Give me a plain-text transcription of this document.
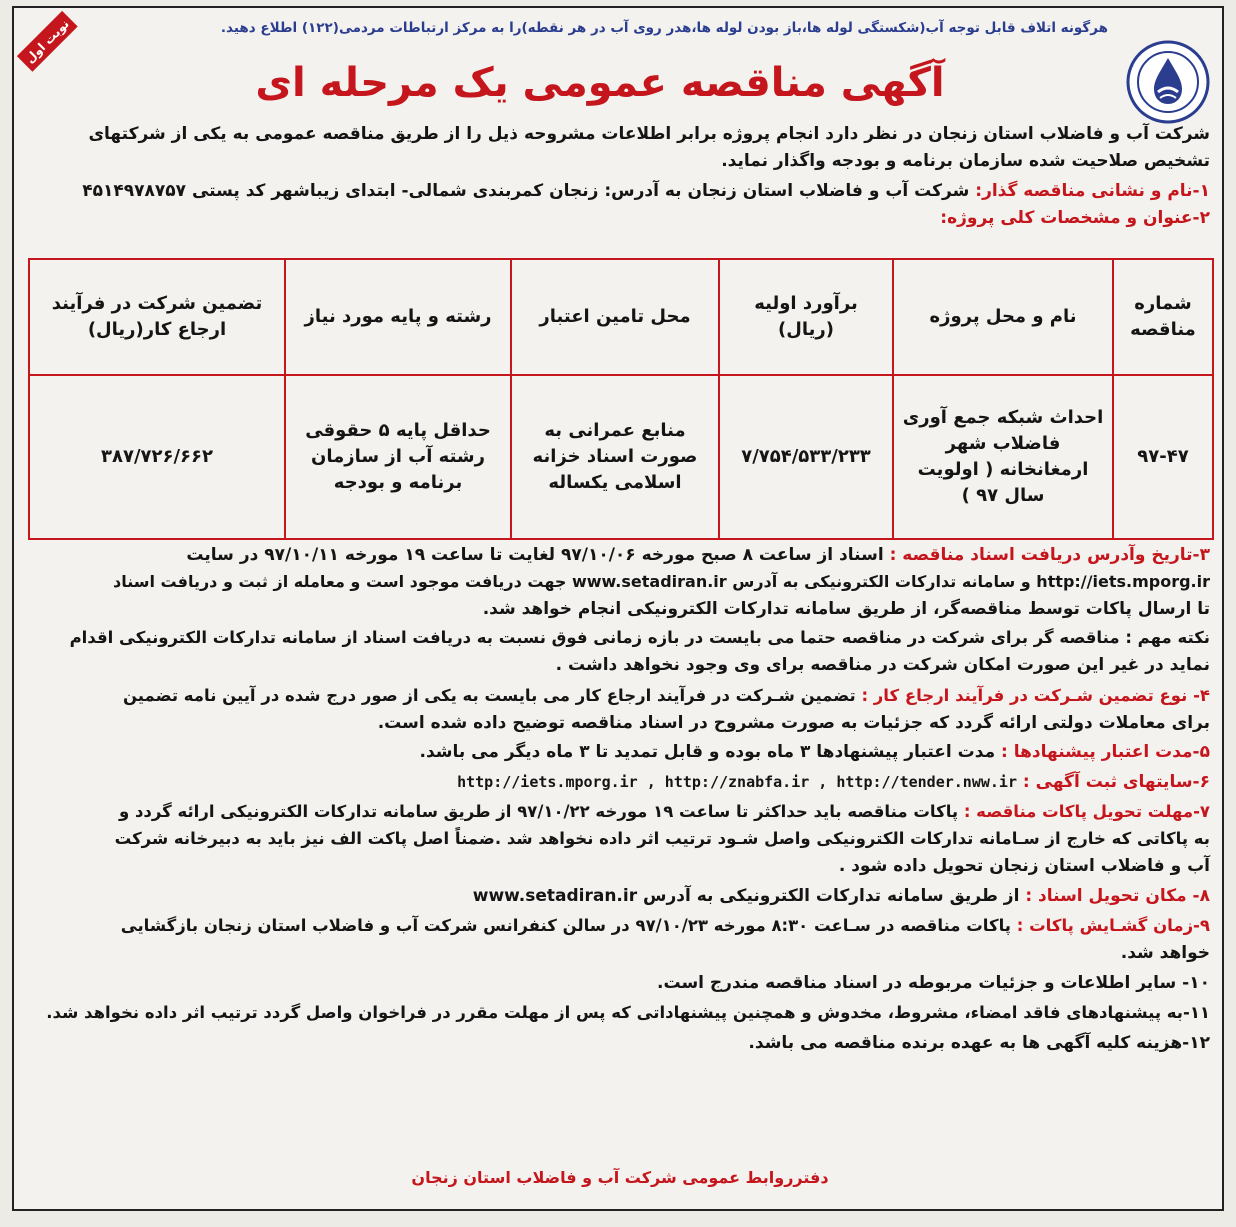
هرگونه اتلاف قابل توجه آب(شکستگی لوله ها،باز بودن لوله ها،هدر روی آب در هر نقطه)را به مرکز ارتباطات مردمی(۱۲۲) اطلاع دهید.
نوبت اول
آگهی مناقصه عمومی یک مرحله ای
شرکت آب و فاضلاب استان زنجان در نظر دارد انجام پروژه برابر اطلاعات مشروحه ذیل را از طریق مناقصه عمومی به یکی از شرکتهای
تشخیص صلاحیت شده سازمان برنامه و بودجه واگذار نماید.
۱-نام و نشانی مناقصه گذار: شرکت آب و فاضلاب استان زنجان به آدرس: زنجان کمربندی شمالی- ابتدای زیباشهر کد پستی ۴۵۱۴۹۷۸۷۵۷
۲-عنوان و مشخصات کلی پروژه:
شماره مناقصه	نام و محل پروژه	برآورد اولیه (ریال)	محل تامین اعتبار	رشته و پایه مورد نیاز	تضمین شرکت در فرآیند ارجاع کار(ریال)
۹۷-۴۷	احداث شبکه جمع آوری فاضلاب شهر ارمغانخانه ( اولویت سال ۹۷ )	۷/۷۵۴/۵۳۳/۲۳۳	منابع عمرانی به صورت اسناد خزانه اسلامی یکساله	حداقل پایه ۵ حقوقی رشته آب از سازمان برنامه و بودجه	۳۸۷/۷۲۶/۶۶۲
۳-تاریخ وآدرس دریافت اسناد مناقصه : اسناد از ساعت ۸ صبح مورخه ۹۷/۱۰/۰۶ لغایت تا ساعت ۱۹ مورخه ۹۷/۱۰/۱۱ در سایت
http://iets.mporg.ir و سامانه تدارکات الکترونیکی به آدرس www.setadiran.ir جهت دریافت موجود است و معامله از ثبت و دریافت اسناد
تا ارسال پاکات توسط مناقصه‌گر، از طریق سامانه تدارکات الکترونیکی انجام خواهد شد.
نکته مهم : مناقصه گر برای شرکت در مناقصه حتما می بایست در بازه زمانی فوق نسبت به دریافت اسناد از سامانه تدارکات الکترونیکی اقدام
نماید در غیر این صورت امکان شرکت در مناقصه برای وی وجود نخواهد داشت .
۴- نوع تضمین شـرکت در فرآیند ارجاع کار : تضمین شـرکت در فرآیند ارجاع کار می بایست به یکی از صور درج شده در آیین نامه تضمین
برای معاملات دولتی ارائه گردد که جزئیات به صورت مشروح در اسناد مناقصه توضیح داده شده است.
۵-مدت اعتبار پیشنهادها : مدت اعتبار پیشنهادها ۳ ماه بوده و قابل تمدید تا ۳ ماه دیگر می باشد.
۶-سایتهای ثبت آگهی : http://iets.mporg.ir , http://znabfa.ir , http://tender.nww.ir
۷-مهلت تحویل پاکات مناقصه : پاکات مناقصه باید حداکثر تا ساعت ۱۹ مورخه ۹۷/۱۰/۲۲ از طریق سامانه تدارکات الکترونیکی ارائه گردد و
به پاکاتی که خارج از سـامانه تدارکات الکترونیکی واصل شـود ترتیب اثر داده نخواهد شد .ضمناً اصل پاکت الف نیز باید به دبیرخانه شرکت
آب و فاضلاب استان زنجان تحویل داده شود .
۸- مکان تحویل اسناد : از طریق سامانه تدارکات الکترونیکی به آدرس www.setadiran.ir
۹-زمان گشـایش پاکات : پاکات مناقصه در سـاعت ۸:۳۰ مورخه ۹۷/۱۰/۲۳ در سالن کنفرانس شرکت آب و فاضلاب استان زنجان بازگشایی
خواهد شد.
۱۰- سایر اطلاعات و جزئیات مربوطه در اسناد مناقصه مندرج است.
۱۱-به پیشنهادهای فاقد امضاء، مشروط، مخدوش و همچنین پیشنهاداتی که پس از مهلت مقرر در فراخوان واصل گردد ترتیب اثر داده نخواهد شد.
۱۲-هزینه کلیه آگهی ها به عهده برنده مناقصه می باشد.
دفترروابط عمومی شرکت آب و فاضلاب استان زنجان
